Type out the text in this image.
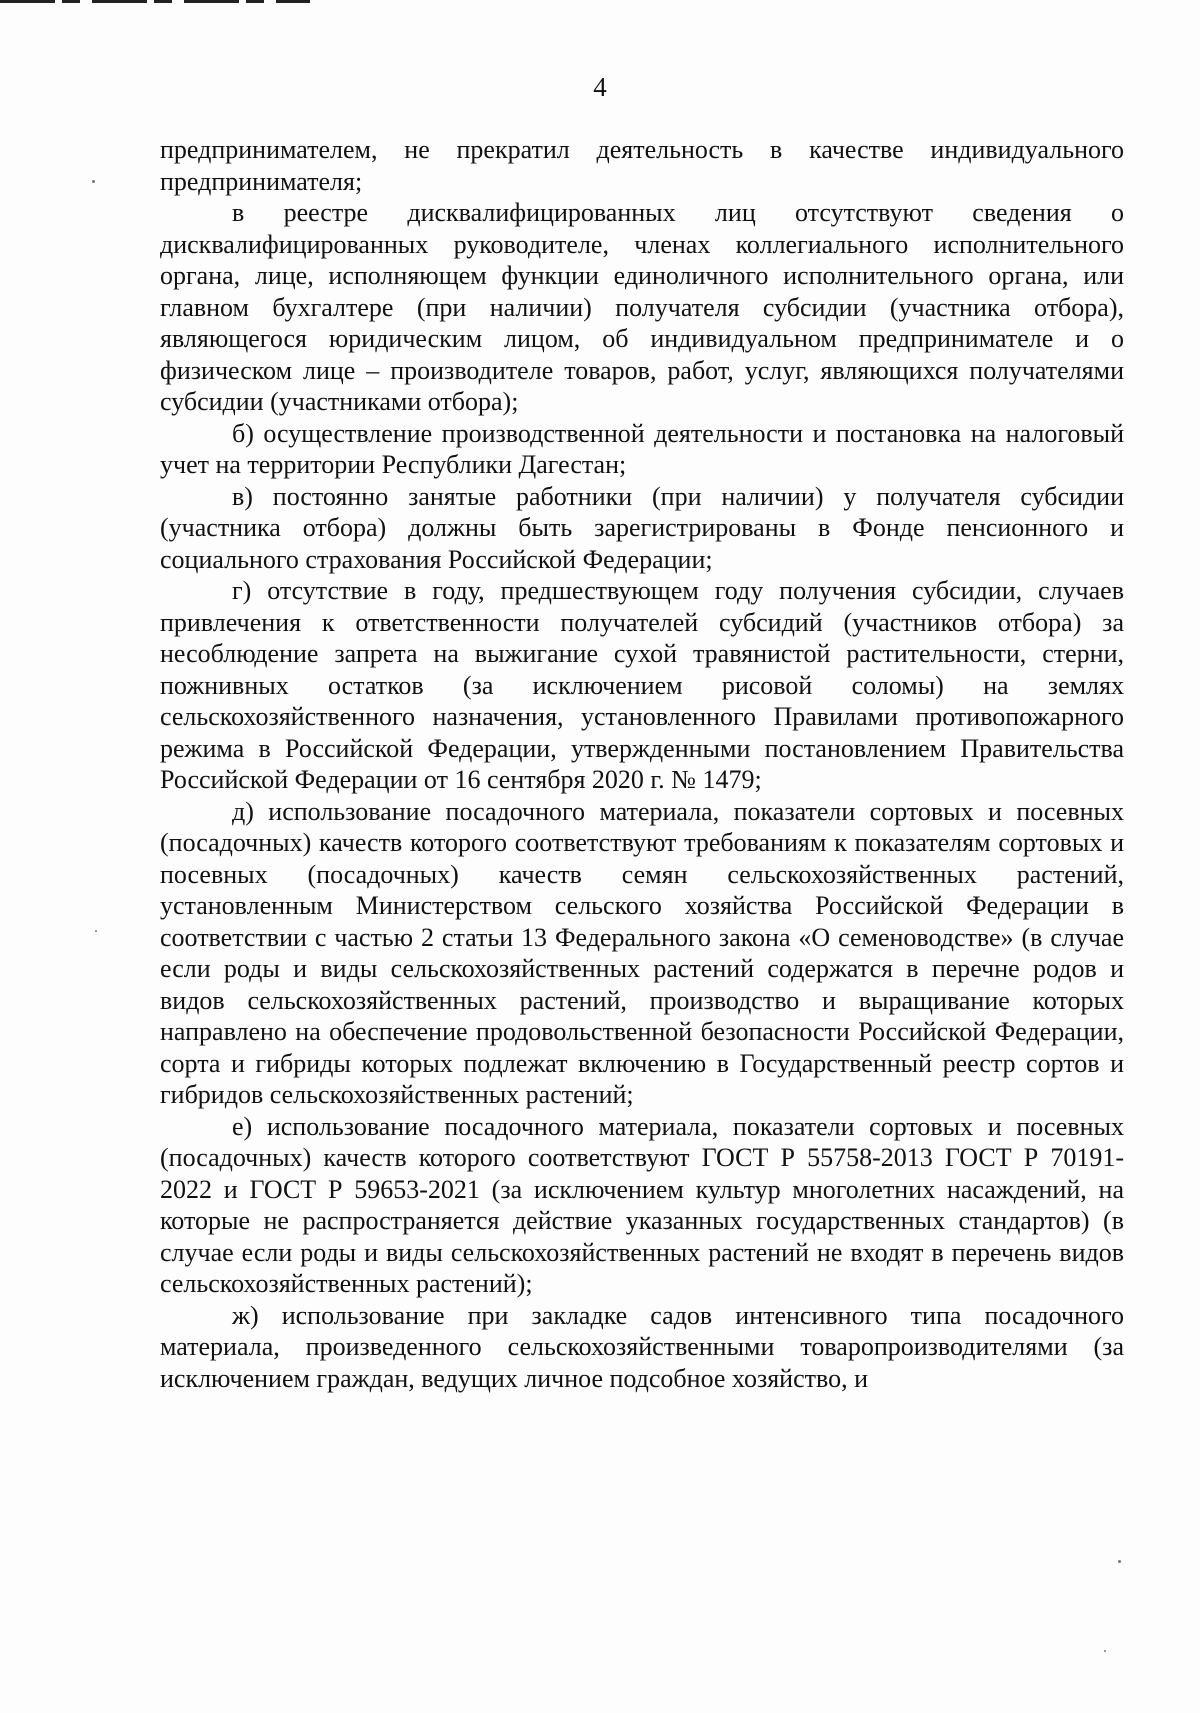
4

предпринимателем, не прекратил деятельность в качестве индивидуального предпринимателя;

в реестре дисквалифицированных лиц отсутствуют сведения о дисквалифицированных руководителе, членах коллегиального исполнительного органа, лице, исполняющем функции единоличного исполнительного органа, или главном бухгалтере (при наличии) получателя субсидии (участника отбора), являющегося юридическим лицом, об индивидуальном предпринимателе и о физическом лице – производителе товаров, работ, услуг, являющихся получателями субсидии (участниками отбора);

б) осуществление производственной деятельности и постановка на налоговый учет на территории Республики Дагестан;

в) постоянно занятые работники (при наличии) у получателя субсидии (участника отбора) должны быть зарегистрированы в Фонде пенсионного и социального страхования Российской Федерации;

г) отсутствие в году, предшествующем году получения субсидии, случаев привлечения к ответственности получателей субсидий (участников отбора) за несоблюдение запрета на выжигание сухой травянистой растительности, стерни, пожнивных остатков (за исключением рисовой соломы) на землях сельскохозяйственного назначения, установленного Правилами противопожарного режима в Российской Федерации, утвержденными постановлением Правительства Российской Федерации от 16 сентября 2020 г. № 1479;

д) использование посадочного материала, показатели сортовых и посевных (посадочных) качеств которого соответствуют требованиям к показателям сортовых и посевных (посадочных) качеств семян сельскохозяйственных растений, установленным Министерством сельского хозяйства Российской Федерации в соответствии с частью 2 статьи 13 Федерального закона «О семеноводстве» (в случае если роды и виды сельскохозяйственных растений содержатся в перечне родов и видов сельскохозяйственных растений, производство и выращивание которых направлено на обеспечение продовольственной безопасности Российской Федерации, сорта и гибриды которых подлежат включению в Государственный реестр сортов и гибридов сельскохозяйственных растений;

е) использование посадочного материала, показатели сортовых и посевных (посадочных) качеств которого соответствуют ГОСТ Р 55758-2013 ГОСТ Р 70191-2022 и ГОСТ Р 59653-2021 (за исключением культур многолетних насаждений, на которые не распространяется действие указанных государственных стандартов) (в случае если роды и виды сельскохозяйственных растений не входят в перечень видов сельскохозяйственных растений);

ж) использование при закладке садов интенсивного типа посадочного материала, произведенного сельскохозяйственными товаропроизводителями (за исключением граждан, ведущих личное подсобное хозяйство, и
